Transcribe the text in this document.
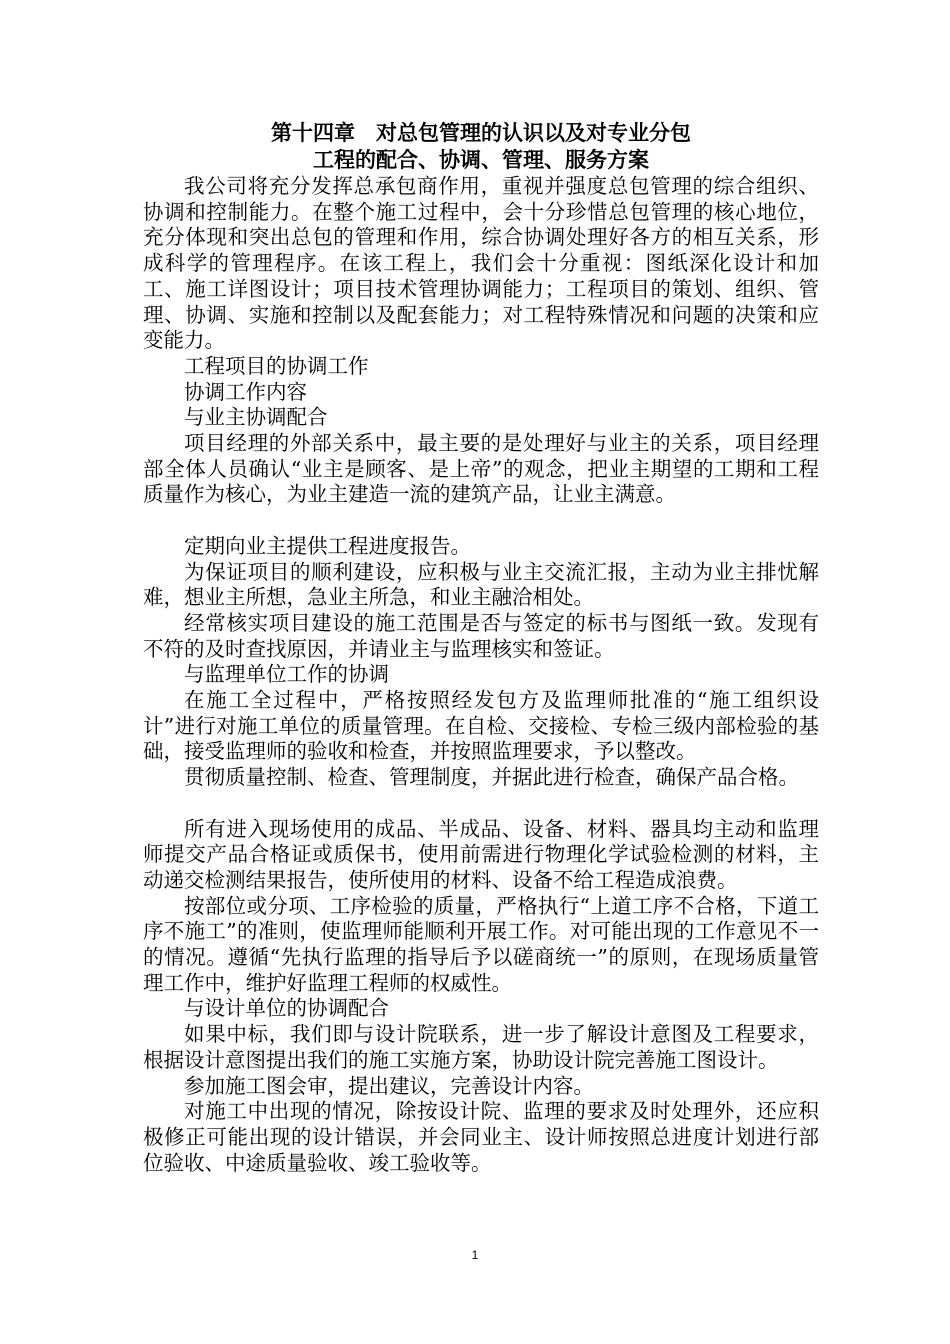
第十四章　对总包管理的认识以及对专业分包
工程的配合、协调、管理、服务方案

我公司将充分发挥总承包商作用，重视并强度总包管理的综合组织、协调和控制能力。在整个施工过程中，会十分珍惜总包管理的核心地位，充分体现和突出总包的管理和作用，综合协调处理好各方的相互关系，形成科学的管理程序。在该工程上，我们会十分重视：图纸深化设计和加工、施工详图设计；项目技术管理协调能力；工程项目的策划、组织、管理、协调、实施和控制以及配套能力；对工程特殊情况和问题的决策和应变能力。

工程项目的协调工作

协调工作内容

与业主协调配合

项目经理的外部关系中，最主要的是处理好与业主的关系，项目经理部全体人员确认“业主是顾客、是上帝”的观念，把业主期望的工期和工程质量作为核心，为业主建造一流的建筑产品，让业主满意。

定期向业主提供工程进度报告。

为保证项目的顺利建设，应积极与业主交流汇报，主动为业主排忧解难，想业主所想，急业主所急，和业主融洽相处。

经常核实项目建设的施工范围是否与签定的标书与图纸一致。发现有不符的及时查找原因，并请业主与监理核实和签证。

与监理单位工作的协调

在施工全过程中，严格按照经发包方及监理师批准的“施工组织设计”进行对施工单位的质量管理。在自检、交接检、专检三级内部检验的基础，接受监理师的验收和检查，并按照监理要求，予以整改。

贯彻质量控制、检查、管理制度，并据此进行检查，确保产品合格。

所有进入现场使用的成品、半成品、设备、材料、器具均主动和监理师提交产品合格证或质保书，使用前需进行物理化学试验检测的材料，主动递交检测结果报告，使所使用的材料、设备不给工程造成浪费。

按部位或分项、工序检验的质量，严格执行“上道工序不合格，下道工序不施工”的准则，使监理师能顺利开展工作。对可能出现的工作意见不一的情况。遵循“先执行监理的指导后予以磋商统一”的原则，在现场质量管理工作中，维护好监理工程师的权威性。

与设计单位的协调配合

如果中标，我们即与设计院联系，进一步了解设计意图及工程要求，根据设计意图提出我们的施工实施方案，协助设计院完善施工图设计。

参加施工图会审，提出建议，完善设计内容。

对施工中出现的情况，除按设计院、监理的要求及时处理外，还应积极修正可能出现的设计错误，并会同业主、设计师按照总进度计划进行部位验收、中途质量验收、竣工验收等。

1
